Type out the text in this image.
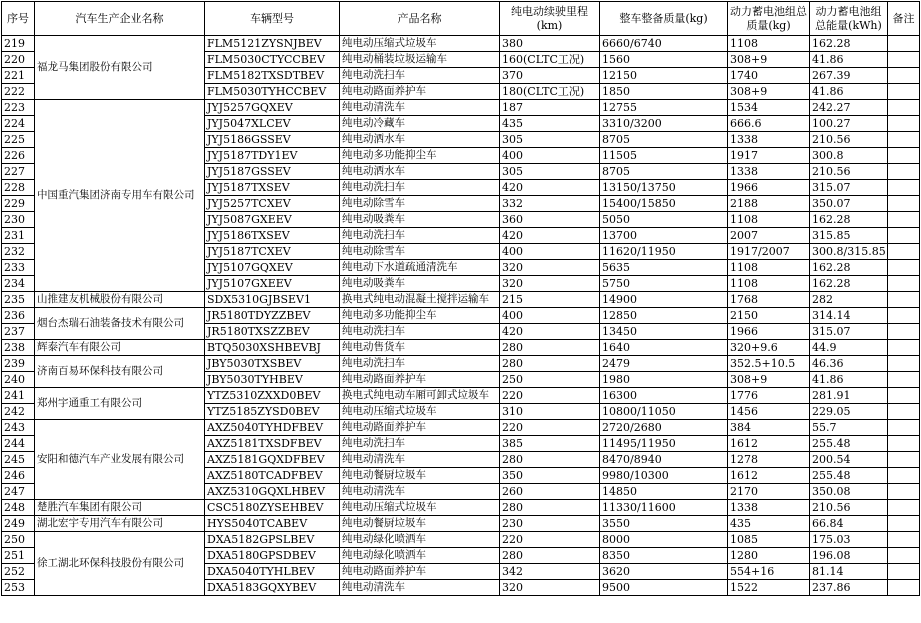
序号	汽车生产企业名称	车辆型号	产品名称	纯电动续驶里程(km)	整车整备质量(kg)	动力蓄电池组总质量(kg)	动力蓄电池组总能量(kWh)	备注
219	福龙马集团股份有限公司	FLM5121ZYSNJBEV	纯电动压缩式垃圾车	380	6660/6740	1108	162.28	
220		FLM5030CTYCCBEV	纯电动桶装垃圾运输车	160(CLTC工况)	1560	308+9	41.86	
221		FLM5182TXSDTBEV	纯电动洗扫车	370	12150	1740	267.39	
222		FLM5030TYHCCBEV	纯电动路面养护车	180(CLTC工况)	1850	308+9	41.86	
223	中国重汽集团济南专用车有限公司	JYJ5257GQXEV	纯电动清洗车	187	12755	1534	242.27	
224		JYJ5047XLCEV	纯电动冷藏车	435	3310/3200	666.6	100.27	
225		JYJ5186GSSEV	纯电动洒水车	305	8705	1338	210.56	
226		JYJ5187TDY1EV	纯电动多功能抑尘车	400	11505	1917	300.8	
227		JYJ5187GSSEV	纯电动洒水车	305	8705	1338	210.56	
228		JYJ5187TXSEV	纯电动洗扫车	420	13150/13750	1966	315.07	
229		JYJ5257TCXEV	纯电动除雪车	332	15400/15850	2188	350.07	
230		JYJ5087GXEEV	纯电动吸粪车	360	5050	1108	162.28	
231		JYJ5186TXSEV	纯电动洗扫车	420	13700	2007	315.85	
232		JYJ5187TCXEV	纯电动除雪车	400	11620/11950	1917/2007	300.8/315.85	
233		JYJ5107GQXEV	纯电动下水道疏通清洗车	320	5635	1108	162.28	
234		JYJ5107GXEEV	纯电动吸粪车	320	5750	1108	162.28	
235	山推建友机械股份有限公司	SDX5310GJBSEV1	换电式纯电动混凝土搅拌运输车	215	14900	1768	282	
236	烟台杰瑞石油装备技术有限公司	JR5180TDYZZBEV	纯电动多功能抑尘车	400	12850	2150	314.14	
237		JR5180TXSZZBEV	纯电动洗扫车	420	13450	1966	315.07	
238	辉泰汽车有限公司	BTQ5030XSHBEVBJ	纯电动售货车	280	1640	320+9.6	44.9	
239	济南百易环保科技有限公司	JBY5030TXSBEV	纯电动洗扫车	280	2479	352.5+10.5	46.36	
240		JBY5030TYHBEV	纯电动路面养护车	250	1980	308+9	41.86	
241	郑州宇通重工有限公司	YTZ5310ZXXD0BEV	换电式纯电动车厢可卸式垃圾车	220	16300	1776	281.91	
242		YTZ5185ZYSD0BEV	纯电动压缩式垃圾车	310	10800/11050	1456	229.05	
243	安阳和德汽车产业发展有限公司	AXZ5040TYHDFBEV	纯电动路面养护车	220	2720/2680	384	55.7	
244		AXZ5181TXSDFBEV	纯电动洗扫车	385	11495/11950	1612	255.48	
245		AXZ5181GQXDFBEV	纯电动清洗车	280	8470/8940	1278	200.54	
246		AXZ5180TCADFBEV	纯电动餐厨垃圾车	350	9980/10300	1612	255.48	
247		AXZ5310GQXLHBEV	纯电动清洗车	260	14850	2170	350.08	
248	楚胜汽车集团有限公司	CSC5180ZYSEHBEV	纯电动压缩式垃圾车	280	11330/11600	1338	210.56	
249	湖北宏宇专用汽车有限公司	HYS5040TCABEV	纯电动餐厨垃圾车	230	3550	435	66.84	
250	徐工湖北环保科技股份有限公司	DXA5182GPSLBEV	纯电动绿化喷洒车	220	8000	1085	175.03	
251		DXA5180GPSDBEV	纯电动绿化喷洒车	280	8350	1280	196.08	
252		DXA5040TYHLBEV	纯电动路面养护车	342	3620	554+16	81.14	
253		DXA5183GQXYBEV	纯电动清洗车	320	9500	1522	237.86	
